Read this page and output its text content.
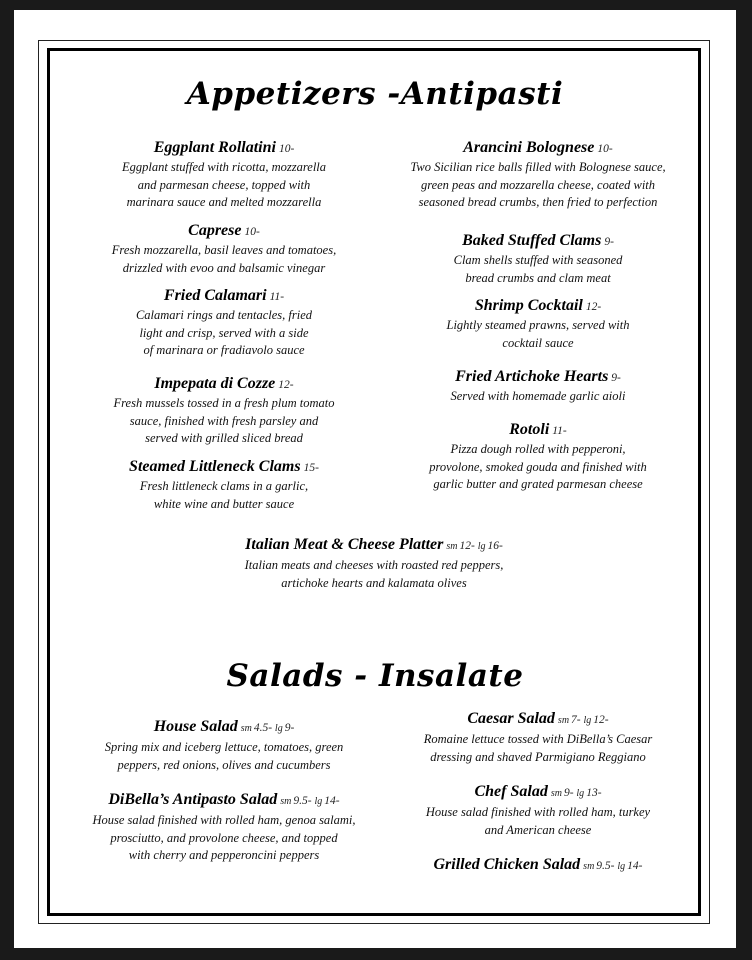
Appetizers -Antipasti
Eggplant Rollatini 10-
Eggplant stuffed with ricotta, mozzarella
and parmesan cheese, topped with
marinara sauce and melted mozzarella
Caprese 10-
Fresh mozzarella, basil leaves and tomatoes,
drizzled with evoo and balsamic vinegar
Fried Calamari 11-
Calamari rings and tentacles, fried
light and crisp, served with a side
of marinara or fradiavolo sauce
Impepata di Cozze 12-
Fresh mussels tossed in a fresh plum tomato
sauce, finished with fresh parsley and
served with grilled sliced bread
Steamed Littleneck Clams 15-
Fresh littleneck clams in a garlic,
white wine and butter sauce
Arancini Bolognese 10-
Two Sicilian rice balls filled with Bolognese sauce,
green peas and mozzarella cheese, coated with
seasoned bread crumbs, then fried to perfection
Baked Stuffed Clams 9-
Clam shells stuffed with seasoned
bread crumbs and clam meat
Shrimp Cocktail 12-
Lightly steamed prawns, served with
cocktail sauce
Fried Artichoke Hearts 9-
Served with homemade garlic aioli
Rotoli 11-
Pizza dough rolled with pepperoni,
provolone, smoked gouda and finished with
garlic butter and grated parmesan cheese
Italian Meat & Cheese Platter sm 12- lg 16-
Italian meats and cheeses with roasted red peppers,
artichoke hearts and kalamata olives
House Salad sm 4.5- lg 9-
Spring mix and iceberg lettuce, tomatoes, green
peppers, red onions, olives and cucumbers
DiBella’s Antipasto Salad sm 9.5- lg 14-
House salad finished with rolled ham, genoa salami,
prosciutto, and provolone cheese, and topped
with cherry and pepperoncini peppers
Caesar Salad sm 7- lg 12-
Romaine lettuce tossed with DiBella’s Caesar
dressing and shaved Parmigiano Reggiano
Chef Salad sm 9- lg 13-
House salad finished with rolled ham, turkey
and American cheese
Grilled Chicken Salad sm 9.5- lg 14-
Salads - Insalate
